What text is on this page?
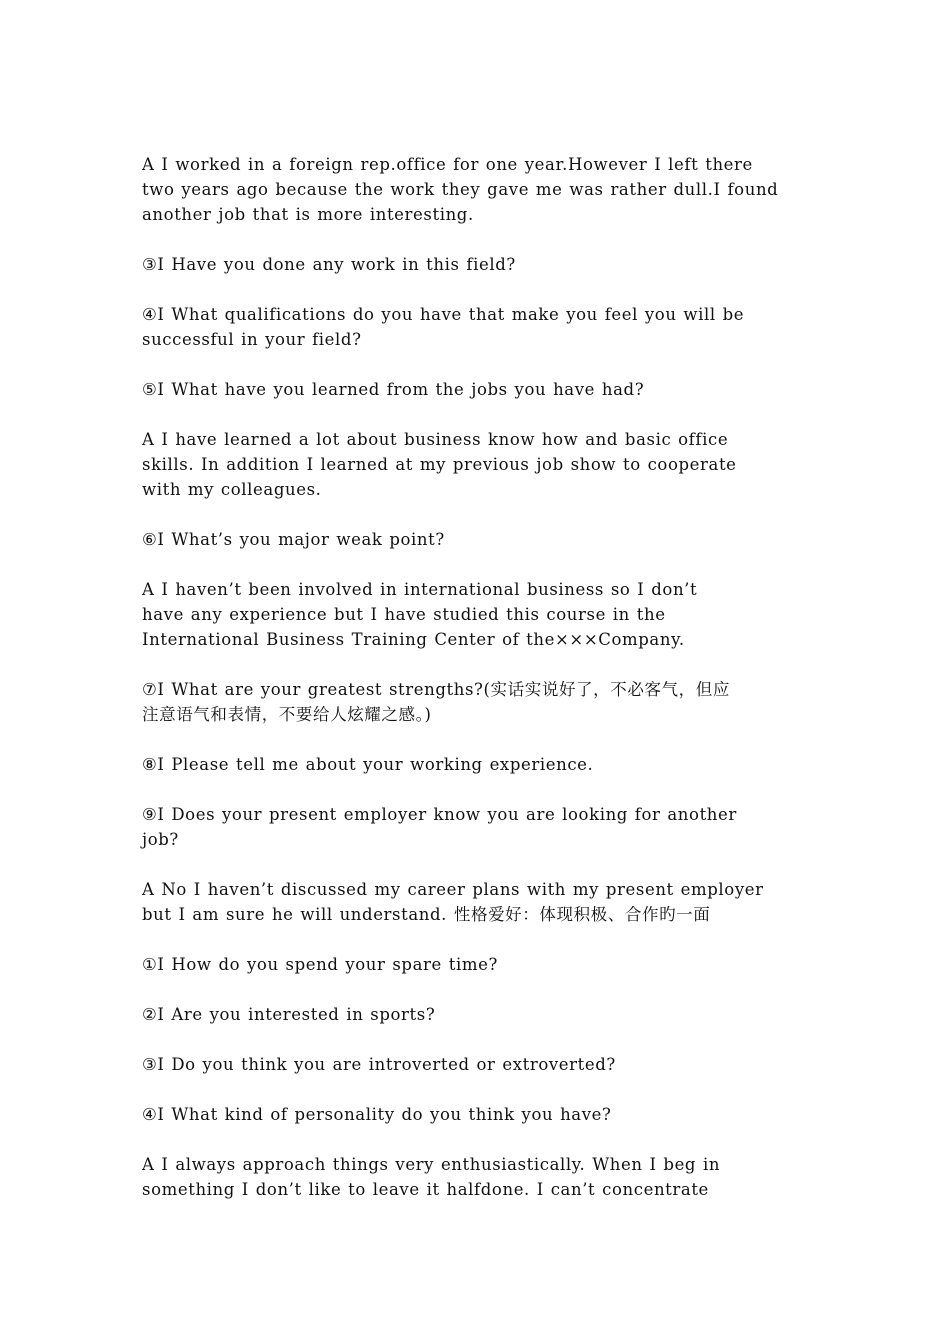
A I worked in a foreign rep.office for one year.However I left there
two years ago because the work they gave me was rather dull.I found
another job that is more interesting.

③I Have you done any work in this field?

④I What qualifications do you have that make you feel you will be
successful in your field?

⑤I What have you learned from the jobs you have had?

A I have learned a lot about business know how and basic office
skills. In addition I learned at my previous job show to cooperate
with my colleagues.

⑥I What’s you major weak point?

A I haven’t been involved in international business so I don’t
have any experience but I have studied this course in the
International Business Training Center of the×××Company.

⑦I What are your greatest strengths?(实话实说好了，不必客气，但应
注意语气和表情，不要给人炫耀之感。)

⑧I Please tell me about your working experience.

⑨I Does your present employer know you are looking for another
job?

A No I haven’t discussed my career plans with my present employer
but I am sure he will understand. 性格爱好：体现积极、合作旳一面

①I How do you spend your spare time?

②I Are you interested in sports?

③I Do you think you are introverted or extroverted?

④I What kind of personality do you think you have?

A I always approach things very enthusiastically. When I beg in
something I don’t like to leave it halfdone. I can’t concentrate
